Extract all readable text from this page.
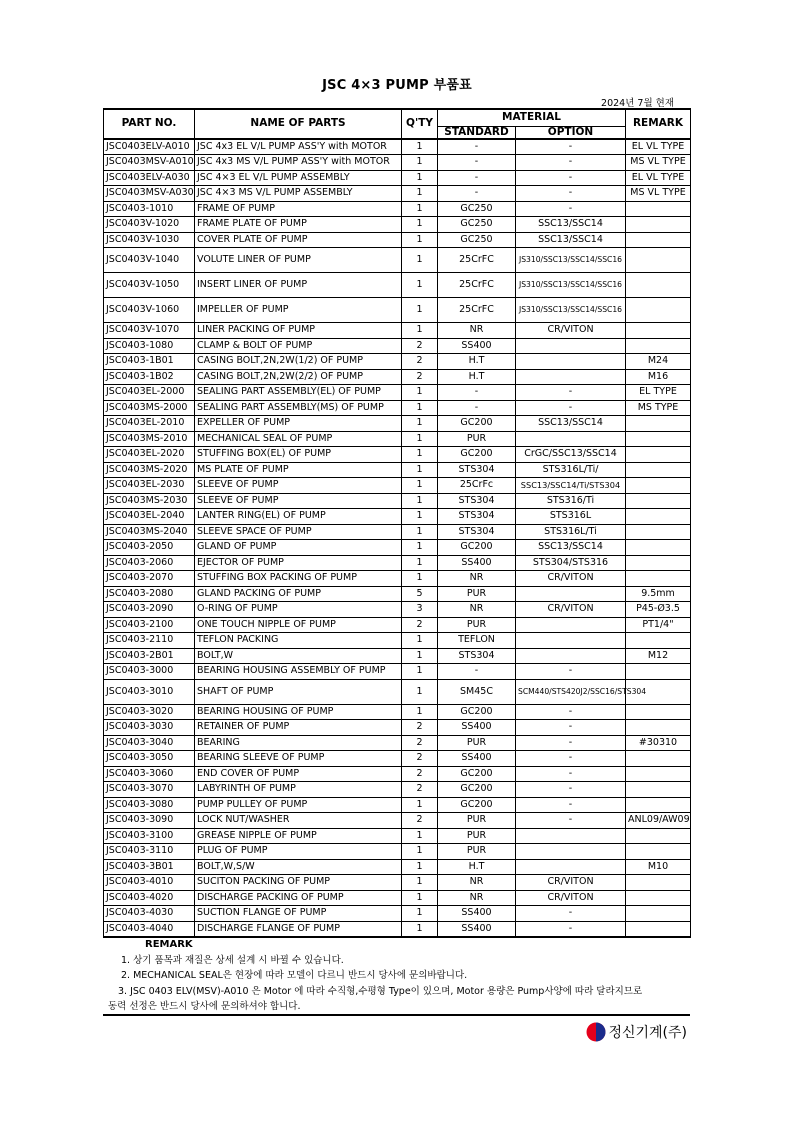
JSC 4×3 PUMP 부품표
2024년 7월 현재
PART NO.	NAME OF PARTS	Q'TY	MATERIAL		REMARK
			STANDARD	OPTION	
JSC0403ELV-A010	JSC 4x3 EL V/L PUMP ASS'Y with MOTOR	1	-	-	EL VL TYPE
JSC0403MSV-A010	JSC 4x3 MS V/L PUMP ASS'Y with MOTOR	1	-	-	MS VL TYPE
JSC0403ELV-A030	JSC 4×3 EL V/L PUMP ASSEMBLY	1	-	-	EL VL TYPE
JSC0403MSV-A030	JSC 4×3 MS V/L PUMP ASSEMBLY	1	-	-	MS VL TYPE
JSC0403-1010	FRAME OF PUMP	1	GC250	-	
JSC0403V-1020	FRAME PLATE OF PUMP	1	GC250	SSC13/SSC14	
JSC0403V-1030	COVER PLATE OF PUMP	1	GC250	SSC13/SSC14	
JSC0403V-1040	VOLUTE LINER OF PUMP	1	25CrFC	JS310/SSC13/SSC14/SSC16	
JSC0403V-1050	INSERT LINER OF PUMP	1	25CrFC	JS310/SSC13/SSC14/SSC16	
JSC0403V-1060	IMPELLER OF PUMP	1	25CrFC	JS310/SSC13/SSC14/SSC16	
JSC0403V-1070	LINER PACKING OF PUMP	1	NR	CR/VITON	
JSC0403-1080	CLAMP & BOLT OF PUMP	2	SS400		
JSC0403-1B01	CASING BOLT,2N,2W(1/2) OF PUMP	2	H.T		M24
JSC0403-1B02	CASING BOLT,2N,2W(2/2) OF PUMP	2	H.T		M16
JSC0403EL-2000	SEALING PART ASSEMBLY(EL) OF PUMP	1	-	-	EL TYPE
JSC0403MS-2000	SEALING PART ASSEMBLY(MS) OF PUMP	1	-	-	MS TYPE
JSC0403EL-2010	EXPELLER OF PUMP	1	GC200	SSC13/SSC14	
JSC0403MS-2010	MECHANICAL SEAL OF PUMP	1	PUR		
JSC0403EL-2020	STUFFING BOX(EL) OF PUMP	1	GC200	CrGC/SSC13/SSC14	
JSC0403MS-2020	MS PLATE OF PUMP	1	STS304	STS316L/Ti/	
JSC0403EL-2030	SLEEVE OF PUMP	1	25CrFc	SSC13/SSC14/Ti/STS304	
JSC0403MS-2030	SLEEVE OF PUMP	1	STS304	STS316/Ti	
JSC0403EL-2040	LANTER RING(EL) OF PUMP	1	STS304	STS316L	
JSC0403MS-2040	SLEEVE SPACE OF PUMP	1	STS304	STS316L/Ti	
JSC0403-2050	GLAND OF PUMP	1	GC200	SSC13/SSC14	
JSC0403-2060	EJECTOR OF PUMP	1	SS400	STS304/STS316	
JSC0403-2070	STUFFING BOX PACKING OF PUMP	1	NR	CR/VITON	
JSC0403-2080	GLAND PACKING OF PUMP	5	PUR		9.5mm
JSC0403-2090	O-RING OF PUMP	3	NR	CR/VITON	P45-Ø3.5
JSC0403-2100	ONE TOUCH NIPPLE OF PUMP	2	PUR		PT1/4"
JSC0403-2110	TEFLON PACKING	1	TEFLON		
JSC0403-2B01	BOLT,W	1	STS304		M12
JSC0403-3000	BEARING HOUSING ASSEMBLY OF PUMP	1	-	-	
JSC0403-3010	SHAFT OF PUMP	1	SM45C	SCM440/STS420J2/SSC16/STS304	
JSC0403-3020	BEARING HOUSING OF PUMP	1	GC200	-	
JSC0403-3030	RETAINER OF PUMP	2	SS400	-	
JSC0403-3040	BEARING	2	PUR	-	#30310
JSC0403-3050	BEARING SLEEVE OF PUMP	2	SS400	-	
JSC0403-3060	END COVER OF PUMP	2	GC200	-	
JSC0403-3070	LABYRINTH OF PUMP	2	GC200	-	
JSC0403-3080	PUMP PULLEY OF PUMP	1	GC200	-	
JSC0403-3090	LOCK NUT/WASHER	2	PUR	-	ANL09/AW09
JSC0403-3100	GREASE NIPPLE OF PUMP	1	PUR		
JSC0403-3110	PLUG OF PUMP	1	PUR		
JSC0403-3B01	BOLT,W,S/W	1	H.T		M10
JSC0403-4010	SUCITON PACKING OF PUMP	1	NR	CR/VITON	
JSC0403-4020	DISCHARGE PACKING OF PUMP	1	NR	CR/VITON	
JSC0403-4030	SUCTION FLANGE OF PUMP	1	SS400	-	
JSC0403-4040	DISCHARGE FLANGE OF PUMP	1	SS400	-	
REMARK
1. 상기 품목과 재질은 상세 설계 시 바뀔 수 있습니다.
2. MECHANICAL SEAL은 현장에 따라 모델이 다르니 반드시 당사에 문의바랍니다.
3. JSC 0403 ELV(MSV)-A010 은 Motor 에 따라 수직형,수평형 Type이 있으며, Motor 용량은 Pump사양에 따라 달라지므로
동력 선정은 반드시 당사에 문의하셔야 합니다.
정신기계(주)
